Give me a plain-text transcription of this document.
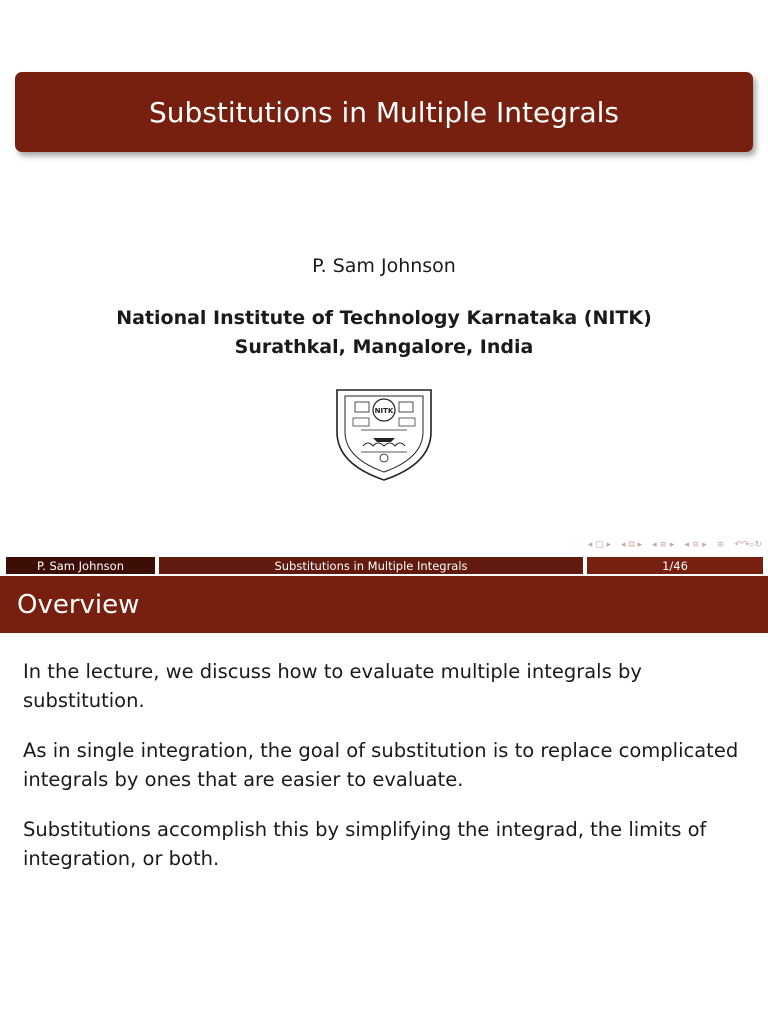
Substitutions in Multiple Integrals
P. Sam Johnson
National Institute of Technology Karnataka (NITK)
Surathkal, Mangalore, India
NITK
◂ ▢ ▸ ◂ ⧉ ▸ ◂ ≡ ▸ ◂ ≡ ▸ ≡ ↶↷⌕↻
P. Sam Johnson	Substitutions in Multiple Integrals	1/46
Overview

In the lecture, we discuss how to evaluate multiple integrals by substitution.

As in single integration, the goal of substitution is to replace complicated integrals by ones that are easier to evaluate.

Substitutions accomplish this by simplifying the integrad, the limits of integration, or both.
